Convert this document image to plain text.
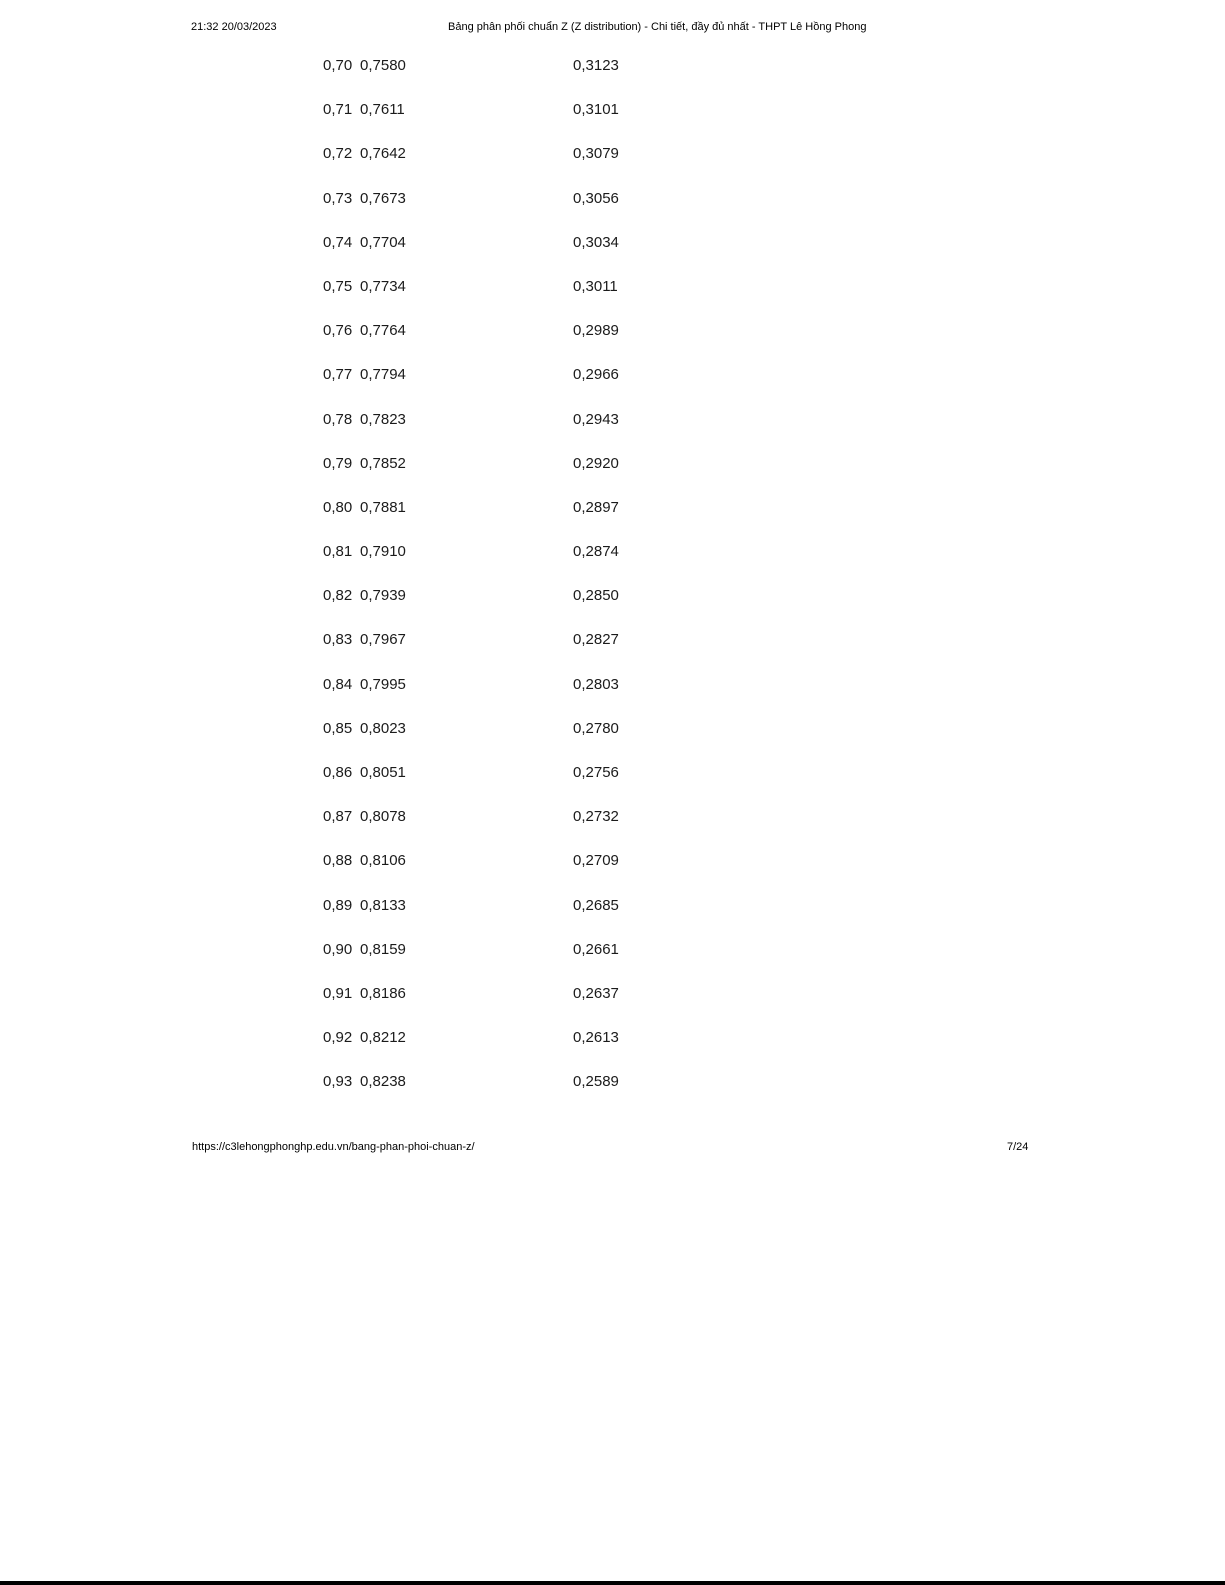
21:32 20/03/2023	Bảng phân phối chuẩn Z (Z distribution) - Chi tiết, đầy đủ nhất - THPT Lê Hồng Phong
0,70 0,7580	0,3123
0,71 0,7611	0,3101
0,72 0,7642	0,3079
0,73 0,7673	0,3056
0,74 0,7704	0,3034
0,75 0,7734	0,3011
0,76 0,7764	0,2989
0,77 0,7794	0,2966
0,78 0,7823	0,2943
0,79 0,7852	0,2920
0,80 0,7881	0,2897
0,81 0,7910	0,2874
0,82 0,7939	0,2850
0,83 0,7967	0,2827
0,84 0,7995	0,2803
0,85 0,8023	0,2780
0,86 0,8051	0,2756
0,87 0,8078	0,2732
0,88 0,8106	0,2709
0,89 0,8133	0,2685
0,90 0,8159	0,2661
0,91 0,8186	0,2637
0,92 0,8212	0,2613
0,93 0,8238	0,2589
https://c3lehongphonghp.edu.vn/bang-phan-phoi-chuan-z/	7/24
